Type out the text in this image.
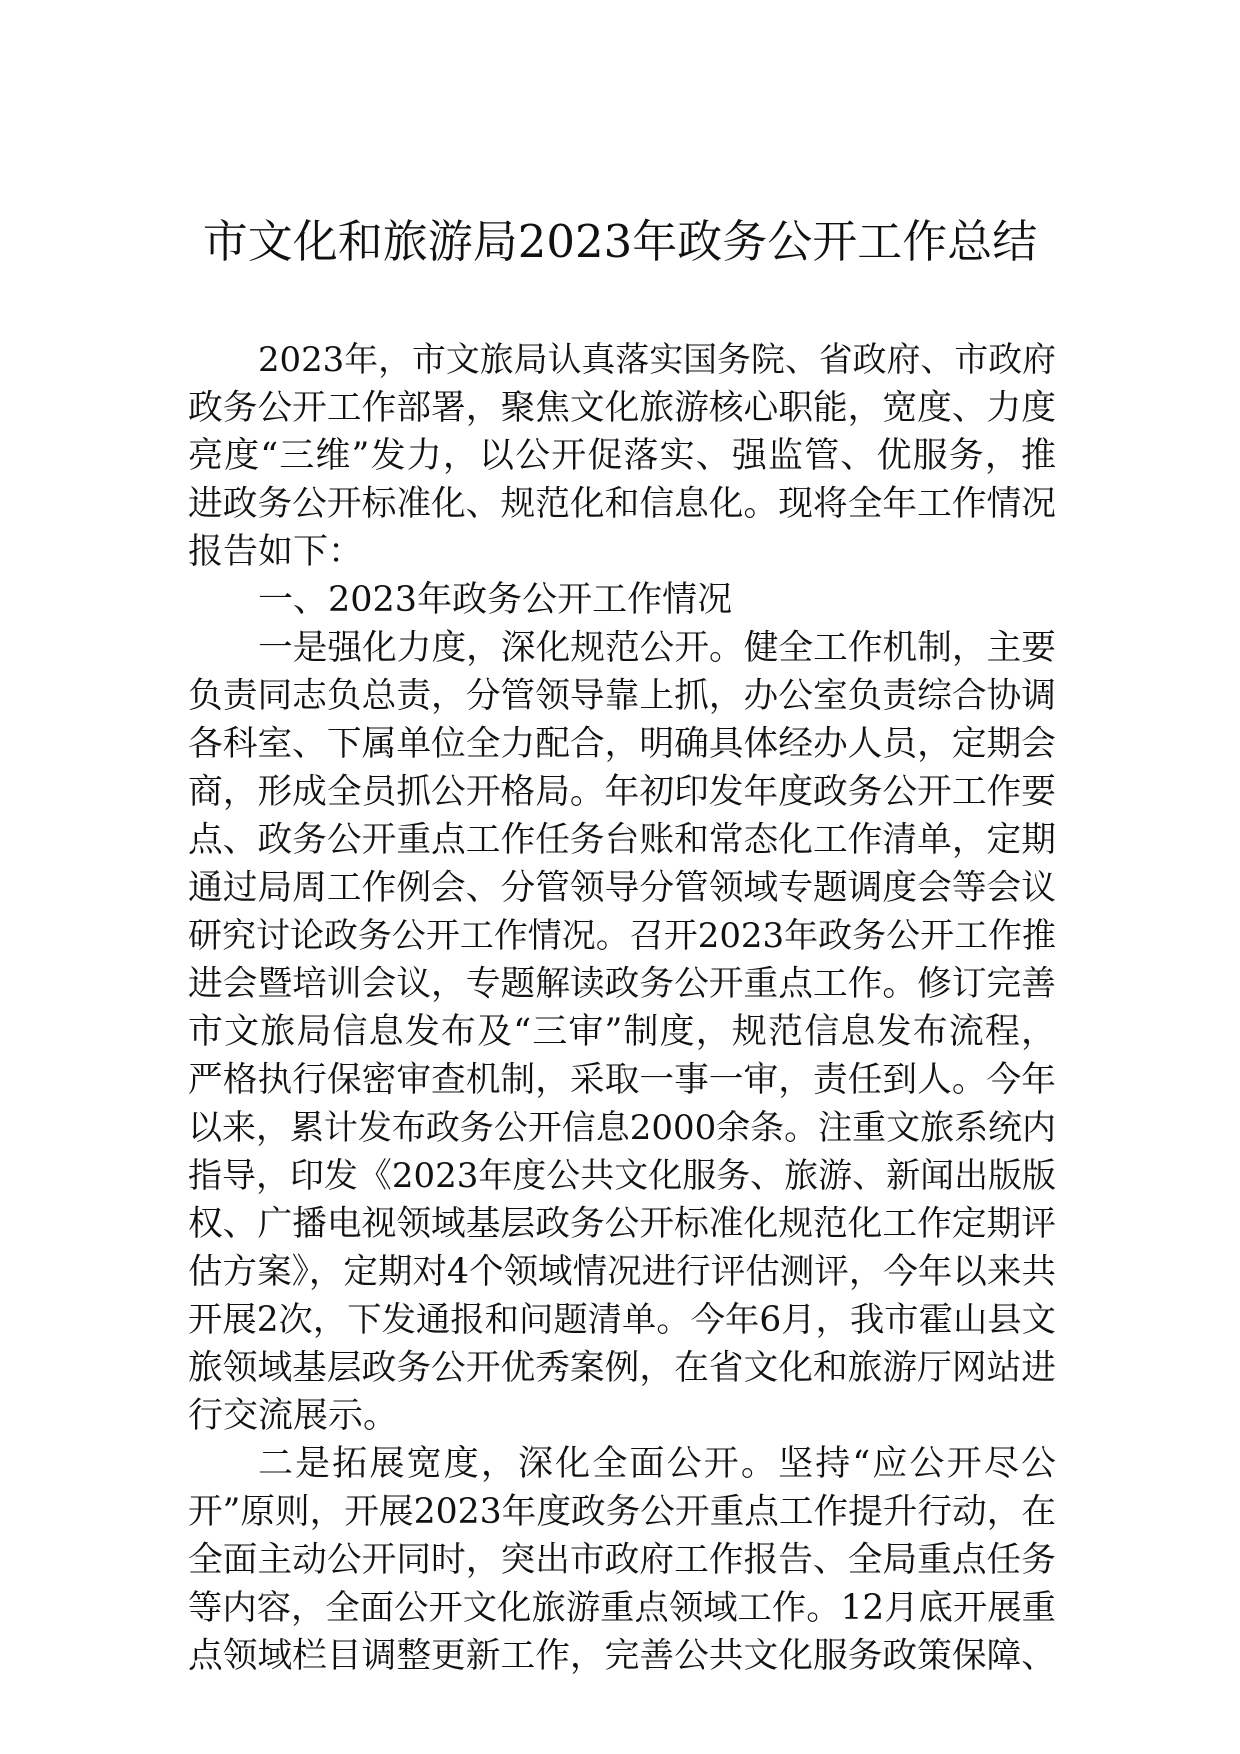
市文化和旅游局2023年政务公开工作总结
2023年，市文旅局认真落实国务院、省政府、市政府
政务公开工作部署，聚焦文化旅游核心职能，宽度、力度
亮度“三维”发力，以公开促落实、强监管、优服务，推
进政务公开标准化、规范化和信息化。现将全年工作情况
报告如下：
一、2023年政务公开工作情况
一是强化力度，深化规范公开。健全工作机制，主要
负责同志负总责，分管领导靠上抓，办公室负责综合协调
各科室、下属单位全力配合，明确具体经办人员，定期会
商，形成全员抓公开格局。年初印发年度政务公开工作要
点、政务公开重点工作任务台账和常态化工作清单，定期
通过局周工作例会、分管领导分管领域专题调度会等会议
研究讨论政务公开工作情况。召开2023年政务公开工作推
进会暨培训会议，专题解读政务公开重点工作。修订完善
市文旅局信息发布及“三审”制度，规范信息发布流程，
严格执行保密审查机制，采取一事一审，责任到人。今年
以来，累计发布政务公开信息2000余条。注重文旅系统内
指导，印发《2023年度公共文化服务、旅游、新闻出版版
权、广播电视领域基层政务公开标准化规范化工作定期评
估方案》，定期对4个领域情况进行评估测评，今年以来共
开展2次，下发通报和问题清单。今年6月，我市霍山县文
旅领域基层政务公开优秀案例，在省文化和旅游厅网站进
行交流展示。
二是拓展宽度，深化全面公开。坚持“应公开尽公
开”原则，开展2023年度政务公开重点工作提升行动，在
全面主动公开同时，突出市政府工作报告、全局重点任务
等内容，全面公开文化旅游重点领域工作。12月底开展重
点领域栏目调整更新工作，完善公共文化服务政策保障、
